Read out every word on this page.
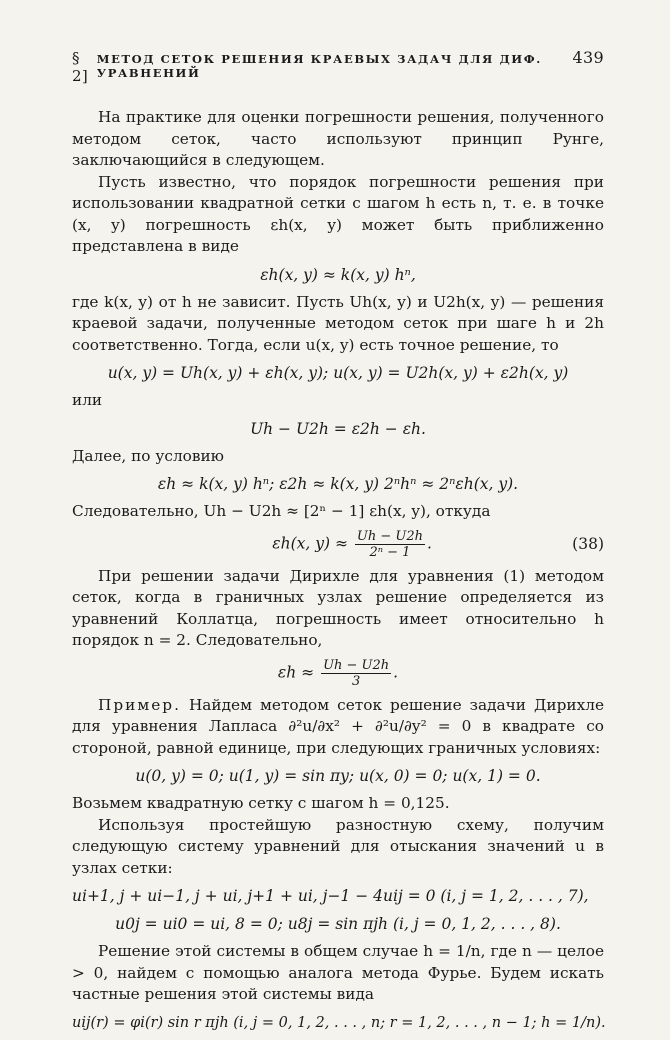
§ 2]
МЕТОД СЕТОК РЕШЕНИЯ КРАЕВЫХ ЗАДАЧ ДЛЯ ДИФ. УРАВНЕНИЙ
439

На практике для оценки погрешности решения, полученного методом сеток, часто используют принцип Рунге, заключающийся в следующем.

Пусть известно, что порядок погрешности решения при использовании квадратной сетки с шагом h есть n, т. е. в точке (x, y) погрешность εh(x, y) может быть приближенно представлена в виде

εh(x, y) ≈ k(x, y) hⁿ,

где k(x, y) от h не зависит. Пусть Uh(x, y) и U2h(x, y) — решения краевой задачи, полученные методом сеток при шаге h и 2h соответственно. Тогда, если u(x, y) есть точное решение, то

u(x, y) = Uh(x, y) + εh(x, y); u(x, y) = U2h(x, y) + ε2h(x, y)

или

Uh − U2h = ε2h − εh.

Далее, по условию

εh ≈ k(x, y) hⁿ; ε2h ≈ k(x, y) 2ⁿhⁿ ≈ 2ⁿεh(x, y).

Следовательно, Uh − U2h ≈ [2ⁿ − 1] εh(x, y), откуда

εh(x, $y) \approx \frac{Uh - U2h}{\text{2ⁿ − 1}}$ .	(38)

При решении задачи Дирихле для уравнения (1) методом сеток, когда в граничных узлах решение определяется из уравнений Коллатца, погрешность имеет относительно h порядок n = 2. Следовательно,

$\varepsilon h \approx \frac{Uh - U2h}{3}$ .

Пример. Найдем методом сеток решение задачи Дирихле для уравнения Лапласа ∂²u/∂x² + ∂²u/∂y² = 0 в квадрате со стороной, равной единице, при следующих граничных условиях:

u(0, y) = 0; u(1, y) = sin πy; u(x, 0) = 0; u(x, 1) = 0.

Возьмем квадратную сетку с шагом h = 0,125.

Используя простейшую разностную схему, получим следующую систему уравнений для отыскания значений u в узлах сетки:

ui+1, j + ui−1, j + ui, j+1 + ui, j−1 − 4uij = 0 (i, j = 1, 2, . . . , 7),
u0j = ui0 = ui, 8 = 0; u8j = sin πjh (i, j = 0, 1, 2, . . . , 8).

Решение этой системы в общем случае h = 1/n, где n — целое > 0, найдем с помощью аналога метода Фурье. Будем искать частные решения этой системы вида

uij(r) = φi(r) sin r πjh (i, j = 0, 1, 2, . . . , n; r = 1, 2, . . . , n − 1; h = 1/n).
